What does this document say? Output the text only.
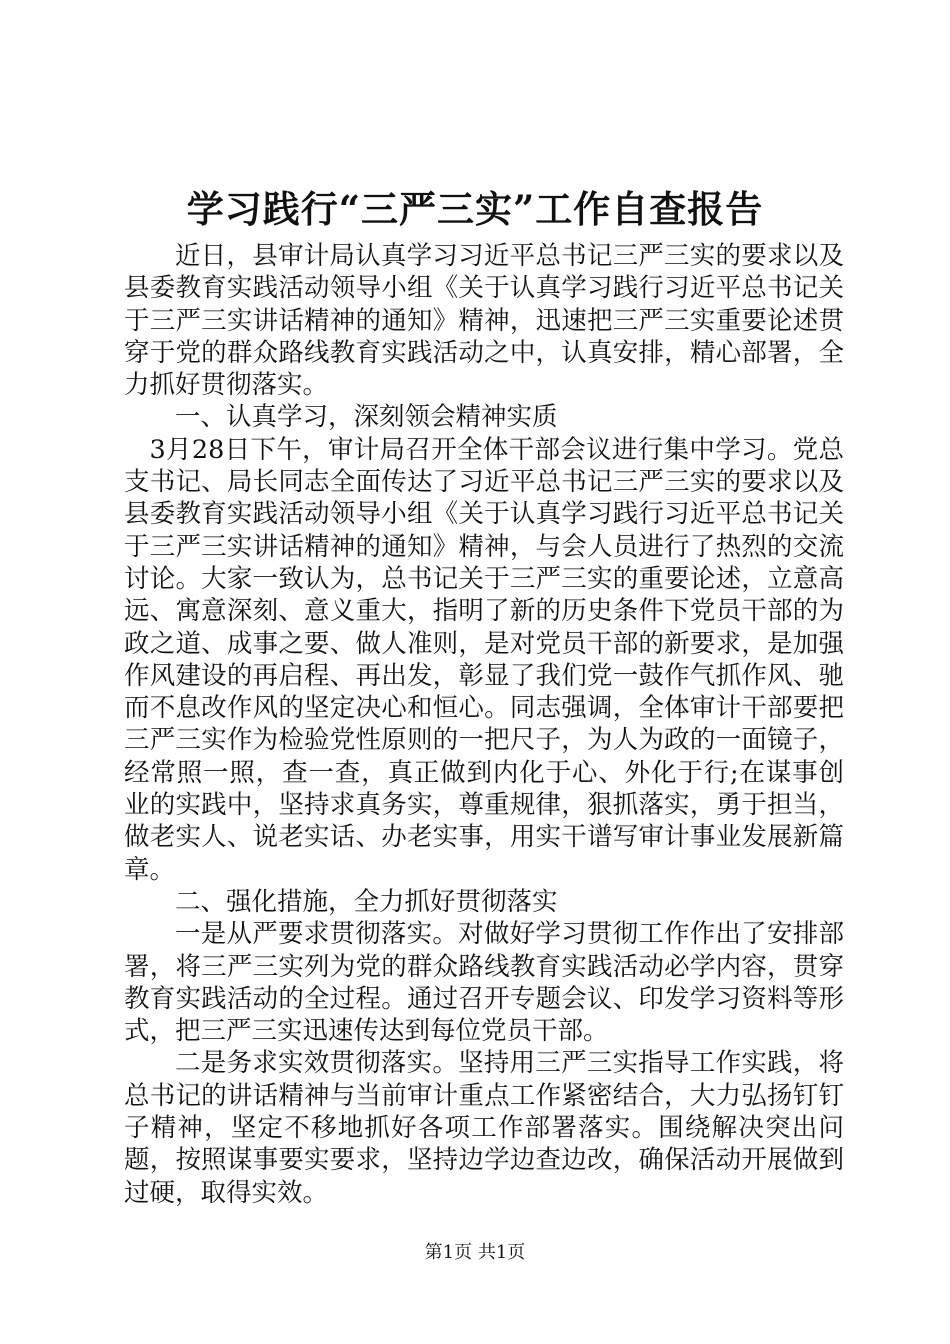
学习践行“三严三实”工作自查报告

近日，县审计局认真学习习近平总书记三严三实的要求以及县委教育实践活动领导小组《关于认真学习践行习近平总书记关于三严三实讲话精神的通知》精神，迅速把三严三实重要论述贯穿于党的群众路线教育实践活动之中，认真安排，精心部署，全力抓好贯彻落实。

一、认真学习，深刻领会精神实质

3月28日下午，审计局召开全体干部会议进行集中学习。党总支书记、局长同志全面传达了习近平总书记三严三实的要求以及县委教育实践活动领导小组《关于认真学习践行习近平总书记关于三严三实讲话精神的通知》精神，与会人员进行了热烈的交流讨论。大家一致认为，总书记关于三严三实的重要论述，立意高远、寓意深刻、意义重大，指明了新的历史条件下党员干部的为政之道、成事之要、做人准则，是对党员干部的新要求，是加强作风建设的再启程、再出发，彰显了我们党一鼓作气抓作风、驰而不息改作风的坚定决心和恒心。同志强调，全体审计干部要把三严三实作为检验党性原则的一把尺子，为人为政的一面镜子，经常照一照，查一查，真正做到内化于心、外化于行;在谋事创业的实践中，坚持求真务实，尊重规律，狠抓落实，勇于担当，做老实人、说老实话、办老实事，用实干谱写审计事业发展新篇章。

二、强化措施，全力抓好贯彻落实

一是从严要求贯彻落实。对做好学习贯彻工作作出了安排部署，将三严三实列为党的群众路线教育实践活动必学内容，贯穿教育实践活动的全过程。通过召开专题会议、印发学习资料等形式，把三严三实迅速传达到每位党员干部。

二是务求实效贯彻落实。坚持用三严三实指导工作实践，将总书记的讲话精神与当前审计重点工作紧密结合，大力弘扬钉钉子精神，坚定不移地抓好各项工作部署落实。围绕解决突出问题，按照谋事要实要求，坚持边学边查边改，确保活动开展做到过硬，取得实效。

第1页 共1页
